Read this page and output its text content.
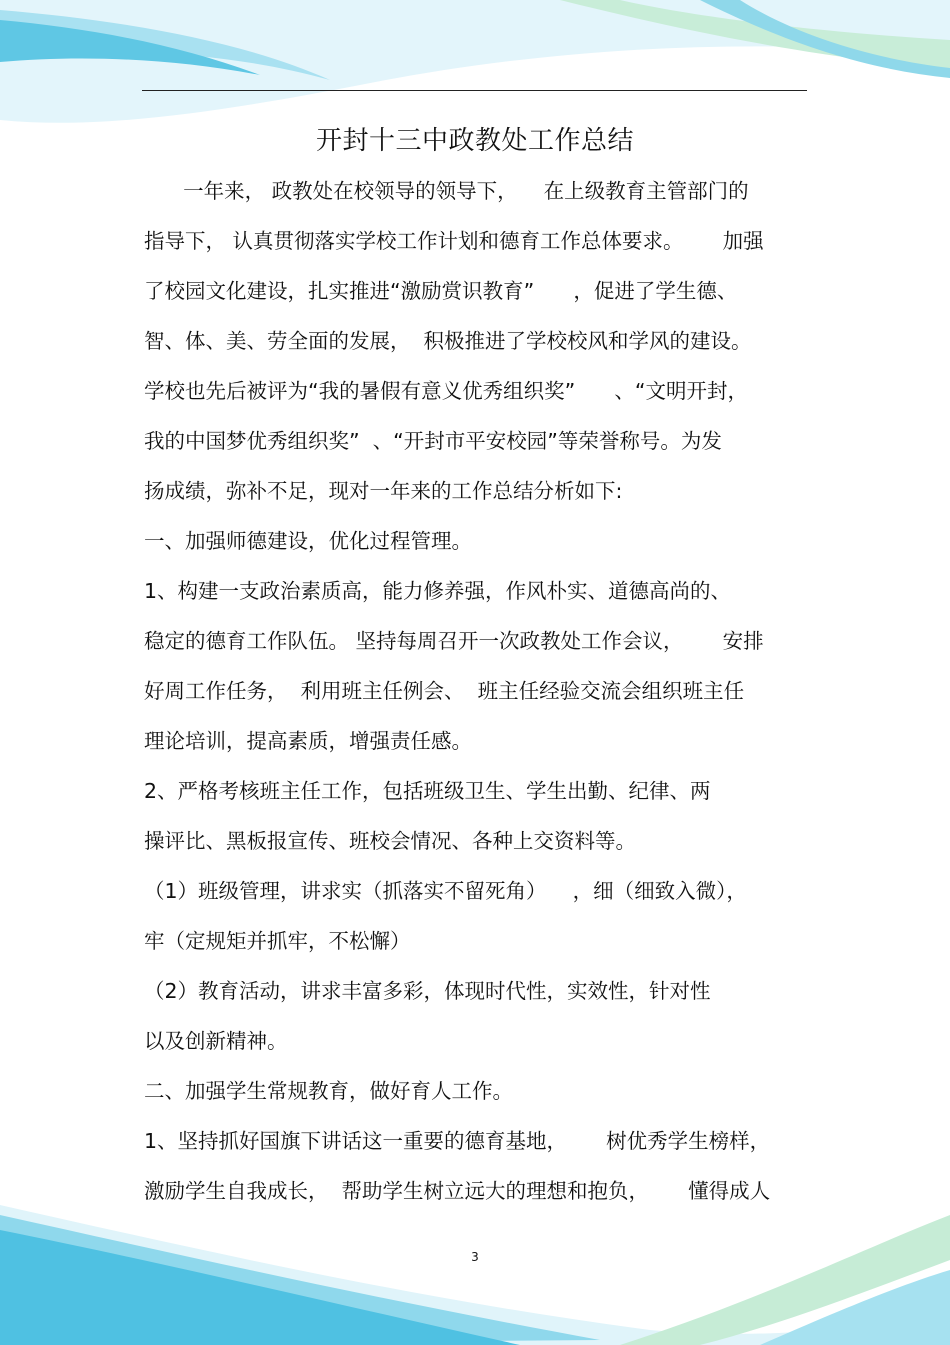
开封十三中政教处工作总结
一年来， 政教处在校领导的领导下，    在上级教育主管部门的
指导下， 认真贯彻落实学校工作计划和德育工作总体要求。      加强
了校园文化建设，扎实推进“激励赏识教育”      ，促进了学生德、
智、体、美、劳全面的发展，  积极推进了学校校风和学风的建设。
学校也先后被评为“我的暑假有意义优秀组织奖”      、“文明开封，
我的中国梦优秀组织奖”  、“开封市平安校园”等荣誉称号。为发
扬成绩，弥补不足，现对一年来的工作总结分析如下:
一、加强师德建设，优化过程管理。
1、构建一支政治素质高，能力修养强，作风朴实、道德高尚的、
稳定的德育工作队伍。 坚持每周召开一次政教处工作会议，      安排
好周工作任务，  利用班主任例会、  班主任经验交流会组织班主任
理论培训，提高素质，增强责任感。
2、严格考核班主任工作，包括班级卫生、学生出勤、纪律、两
操评比、黑板报宣传、班校会情况、各种上交资料等。
（1）班级管理，讲求实（抓落实不留死角）    ，细（细致入微），
牢（定规矩并抓牢，不松懈）
（2）教育活动，讲求丰富多彩，体现时代性，实效性，针对性
以及创新精神。
二、加强学生常规教育，做好育人工作。
1、坚持抓好国旗下讲话这一重要的德育基地，      树优秀学生榜样，
激励学生自我成长，  帮助学生树立远大的理想和抱负，      懂得成人
3
